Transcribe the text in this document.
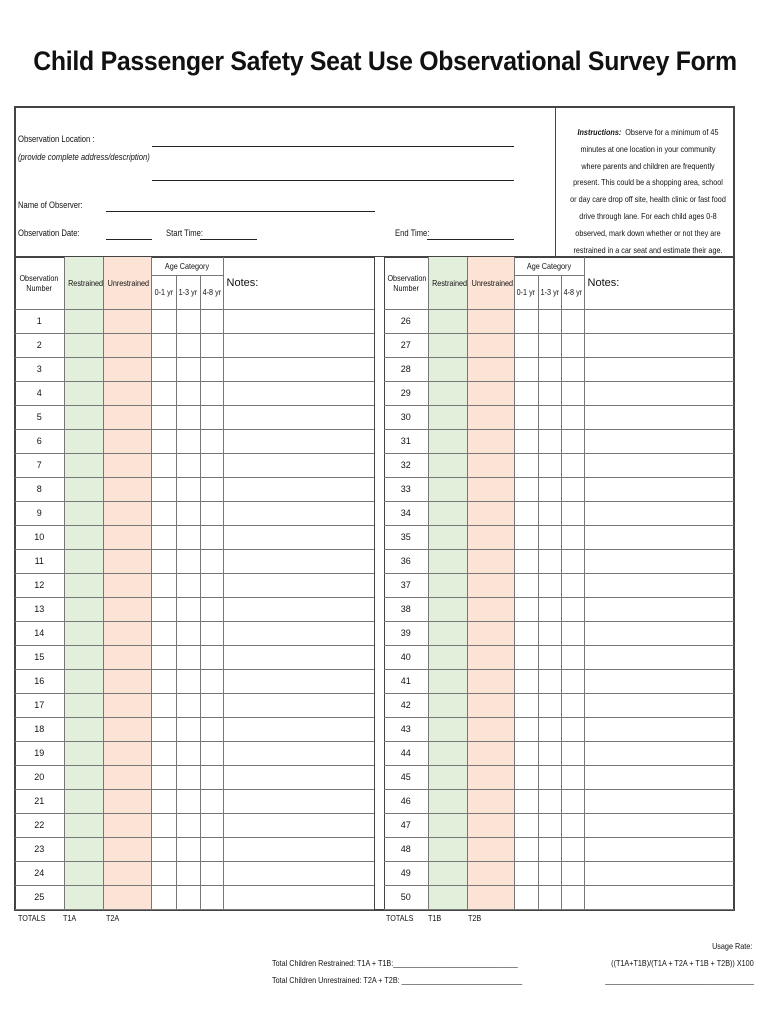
Child Passenger Safety Seat Use Observational Survey Form
Observation Location :
(provide complete address/description)
Name of Observer:
Observation Date:	Start Time:	End Time:
Instructions: Observe for a minimum of 45 minutes at one location in your community where parents and children are frequently present. This could be a shopping area, school or day care drop off site, health clinic or fast food drive through lane. For each child ages 0-8 observed, mark down whether or not they are restrained in a car seat and estimate their age.
Observation
Number	Restrained	Unrestrained	Age Category			Notes:
			0-1 yr	1-3 yr	4-8 yr	
1						
2						
3						
4						
5						
6						
7						
8						
9						
10						
11						
12						
13						
14						
15						
16						
17						
18						
19						
20						
21						
22						
23						
24						
25						
Observation
Number	Restrained	Unrestrained	Age Category			Notes:
			0-1 yr	1-3 yr	4-8 yr	
26						
27						
28						
29						
30						
31						
32						
33						
34						
35						
36						
37						
38						
39						
40						
41						
42						
43						
44						
45						
46						
47						
48						
49						
50						
TOTALS T1A	T2A	TOTALS T1B	T2B
Total Children Restrained: T1A + T1B:_______________________________
Total Children Unrestrained: T2A + T2B: ______________________________
Usage Rate:
((T1A+T1B)/(T1A + T2A + T1B + T2B)) X100
_____________________________________
